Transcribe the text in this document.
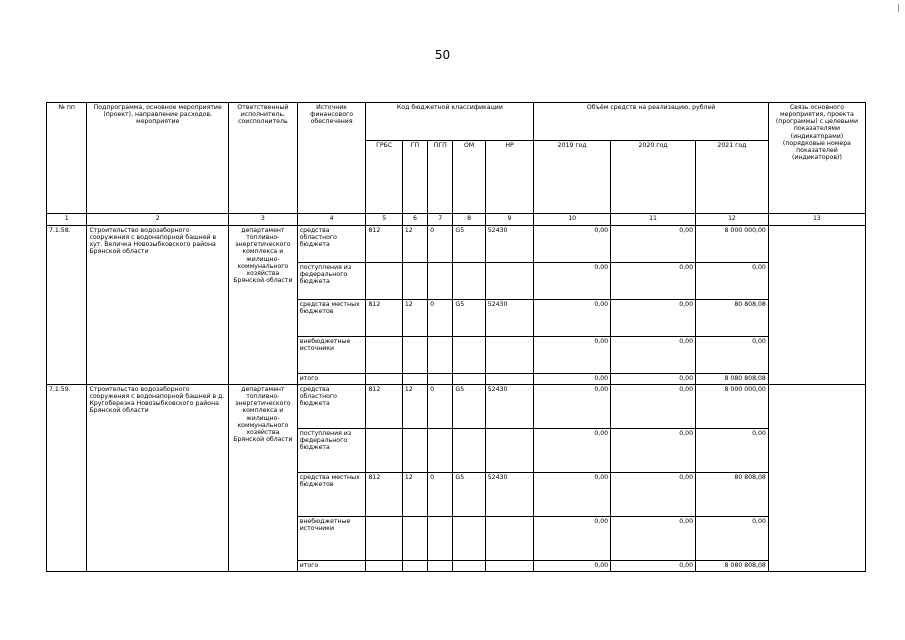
50
№ пп	Подпрограмма, основное мероприятие (проект), направление расходов, мероприятие	Ответственный исполнитель, соисполнитель	Источник финансового обеспечения	Код бюджетной классификации					Объём средств на реализацию, рублей			Связь основного мероприятия, проекта (программы) с целевыми показателями (индикаторами) (порядковые номера показателей (индикаторов))
				ГРБС	ГП	ПГП	ОМ	НР	2019 год	2020 год	2021 год	
1	2	3	4	5	6	7	8	9	10	11	12	13
7.1.58.	Строительство водозаборного сооружения с водонапорной башней в хут. Величка Новозыбковского района Брянской области	департамент топливно-энергетического комплекса и жилищно-коммунального хозяйства Брянской области	средства областного бюджета	812	12	0	G5	52430	0,00	0,00	8 000 000,00	
			поступления из федерального бюджета						0,00	0,00	0,00	
			средства местных бюджетов	812	12	0	G5	52430	0,00	0,00	80 808,08	
			внебюджетные источники						0,00	0,00	0,00	
			итого						0,00	0,00	8 080 808,08	
7.1.59.	Строительство водозаборного сооружения с водонапорной башней в д. Кругоберезка Новозыбковского района Брянской области	департамент топливно-энергетического комплекса и жилищно-коммунального хозяйства Брянской области	средства областного бюджета	812	12	0	G5	52430	0,00	0,00	8 000 000,00	
			поступления из федерального бюджета						0,00	0,00	0,00	
			средства местных бюджетов	812	12	0	G5	52430	0,00	0,00	80 808,08	
			внебюджетные источники						0,00	0,00	0,00	
			итого						0,00	0,00	8 080 808,08	
